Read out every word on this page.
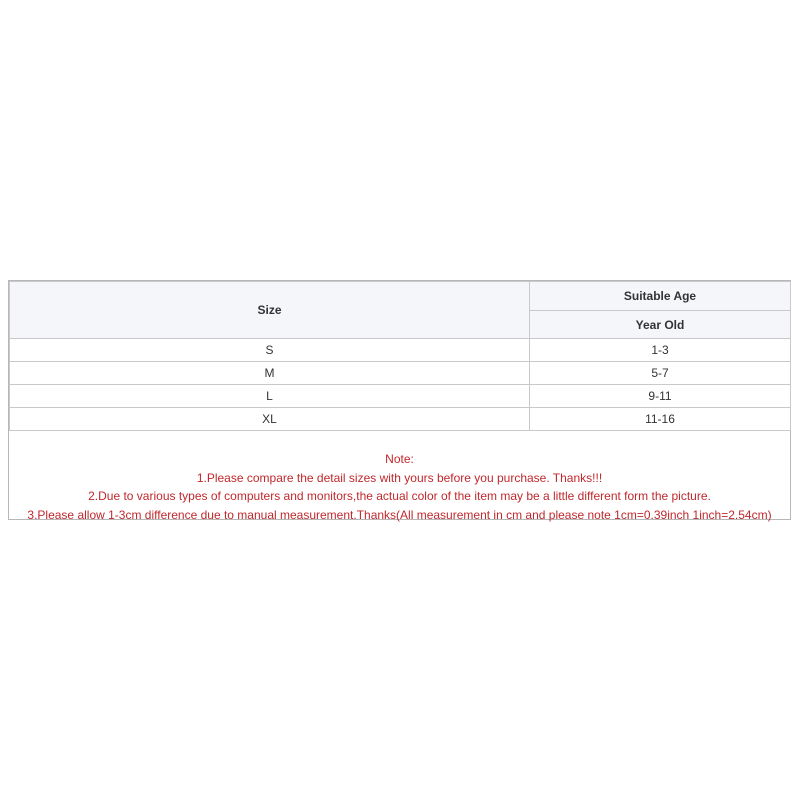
Size	Suitable Age
	Year Old
S	1-3
M	5-7
L	9-11
XL	11-16
Note:
1.Please compare the detail sizes with yours before you purchase. Thanks!!!
2.Due to various types of computers and monitors,the actual color of the item may be a little different form the picture.
3.Please allow 1-3cm difference due to manual measurement.Thanks(All measurement in cm and please note 1cm=0.39inch 1inch=2.54cm)
